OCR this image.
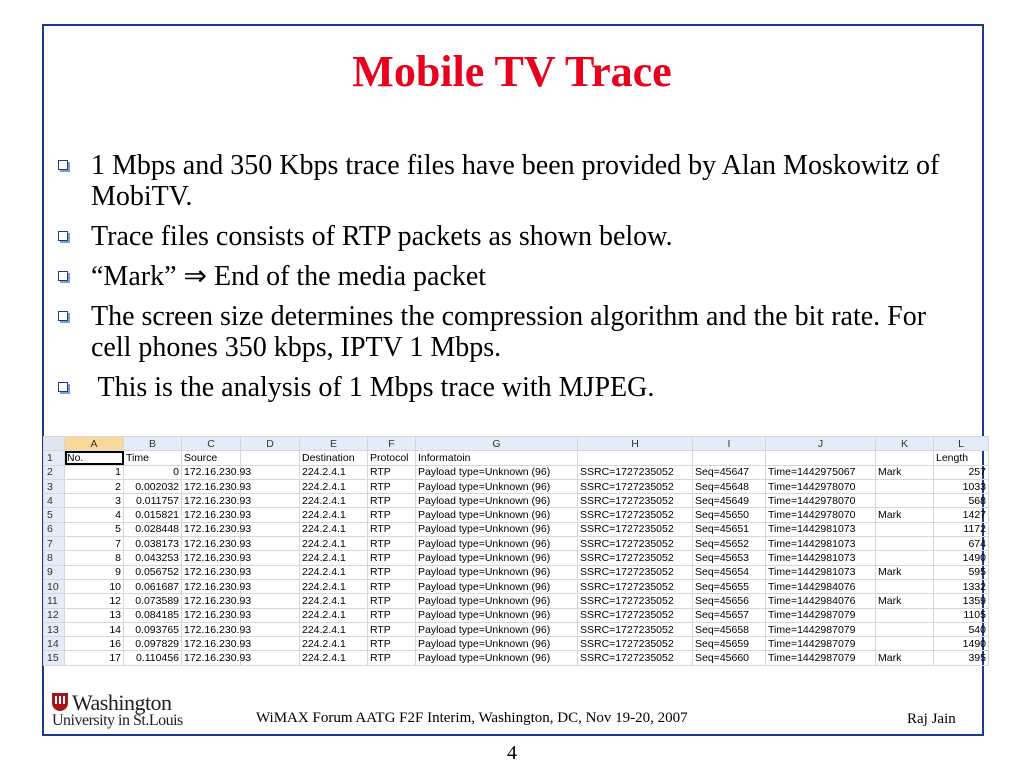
Mobile TV Trace
1 Mbps and 350 Kbps trace files have been provided by Alan Moskowitz of MobiTV.
Trace files consists of RTP packets as shown below.
“Mark” ⇒ End of the media packet
The screen size determines the compression algorithm and the bit rate. For cell phones 350 kbps, IPTV 1 Mbps.
This is the analysis of 1 Mbps trace with MJPEG.
	A	B	C	D	E	F	G	H	I	J	K	L
1	No.	Time	Source		Destination	Protocol	Informatoin					Length
2	1	0	172.16.230.93		224.2.4.1	RTP	Payload type=Unknown (96)	SSRC=1727235052	Seq=45647	Time=1442975067	Mark	257
3	2	0.002032	172.16.230.93		224.2.4.1	RTP	Payload type=Unknown (96)	SSRC=1727235052	Seq=45648	Time=1442978070		1033
4	3	0.011757	172.16.230.93		224.2.4.1	RTP	Payload type=Unknown (96)	SSRC=1727235052	Seq=45649	Time=1442978070		568
5	4	0.015821	172.16.230.93		224.2.4.1	RTP	Payload type=Unknown (96)	SSRC=1727235052	Seq=45650	Time=1442978070	Mark	1427
6	5	0.028448	172.16.230.93		224.2.4.1	RTP	Payload type=Unknown (96)	SSRC=1727235052	Seq=45651	Time=1442981073		1172
7	7	0.038173	172.16.230.93		224.2.4.1	RTP	Payload type=Unknown (96)	SSRC=1727235052	Seq=45652	Time=1442981073		674
8	8	0.043253	172.16.230.93		224.2.4.1	RTP	Payload type=Unknown (96)	SSRC=1727235052	Seq=45653	Time=1442981073		1490
9	9	0.056752	172.16.230.93		224.2.4.1	RTP	Payload type=Unknown (96)	SSRC=1727235052	Seq=45654	Time=1442981073	Mark	595
10	10	0.061687	172.16.230.93		224.2.4.1	RTP	Payload type=Unknown (96)	SSRC=1727235052	Seq=45655	Time=1442984076		1332
11	12	0.073589	172.16.230.93		224.2.4.1	RTP	Payload type=Unknown (96)	SSRC=1727235052	Seq=45656	Time=1442984076	Mark	1359
12	13	0.084185	172.16.230.93		224.2.4.1	RTP	Payload type=Unknown (96)	SSRC=1727235052	Seq=45657	Time=1442987079		1105
13	14	0.093765	172.16.230.93		224.2.4.1	RTP	Payload type=Unknown (96)	SSRC=1727235052	Seq=45658	Time=1442987079		540
14	16	0.097829	172.16.230.93		224.2.4.1	RTP	Payload type=Unknown (96)	SSRC=1727235052	Seq=45659	Time=1442987079		1490
15	17	0.110456	172.16.230.93		224.2.4.1	RTP	Payload type=Unknown (96)	SSRC=1727235052	Seq=45660	Time=1442987079	Mark	395
Washington
University in St.Louis	WiMAX Forum AATG F2F Interim, Washington, DC, Nov 19-20, 2007	Raj Jain
4
